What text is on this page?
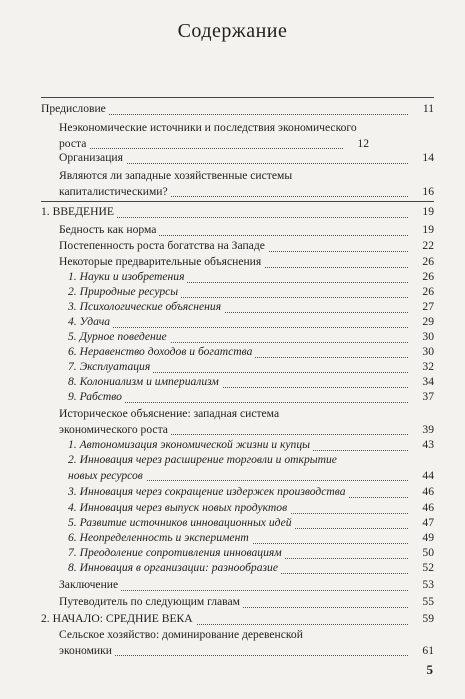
Содержание
Предисловие	11
Неэкономические источники и последствия экономического роста	12
Организация	14
Являются ли западные хозяйственные системы капиталистическими?	16
1. ВВЕДЕНИЕ	19
Бедность как норма	19
Постепенность роста богатства на Западе	22
Некоторые предварительные объяснения	26
1. Науки и изобретения	26
2. Природные ресурсы	26
3. Психологические объяснения	27
4. Удача	29
5. Дурное поведение	30
6. Неравенство доходов и богатства	30
7. Эксплуатация	32
8. Колониализм и империализм	34
9. Рабство	37
Историческое объяснение: западная система экономического роста	39
1. Автономизация экономической жизни и купцы	43
2. Инновация через расширение торговли и открытие новых ресурсов	44
3. Инновация через сокращение издержек производства	46
4. Инновация через выпуск новых продуктов	46
5. Развитие источников инновационных идей	47
6. Неопределенность и эксперимент	49
7. Преодоление сопротивления инновациям	50
8. Инновация в организации: разнообразие	52
Заключение	53
Путеводитель по следующим главам	55
2. НАЧАЛО: СРЕДНИЕ ВЕКА	59
Сельское хозяйство: доминирование деревенской экономики	61
5
